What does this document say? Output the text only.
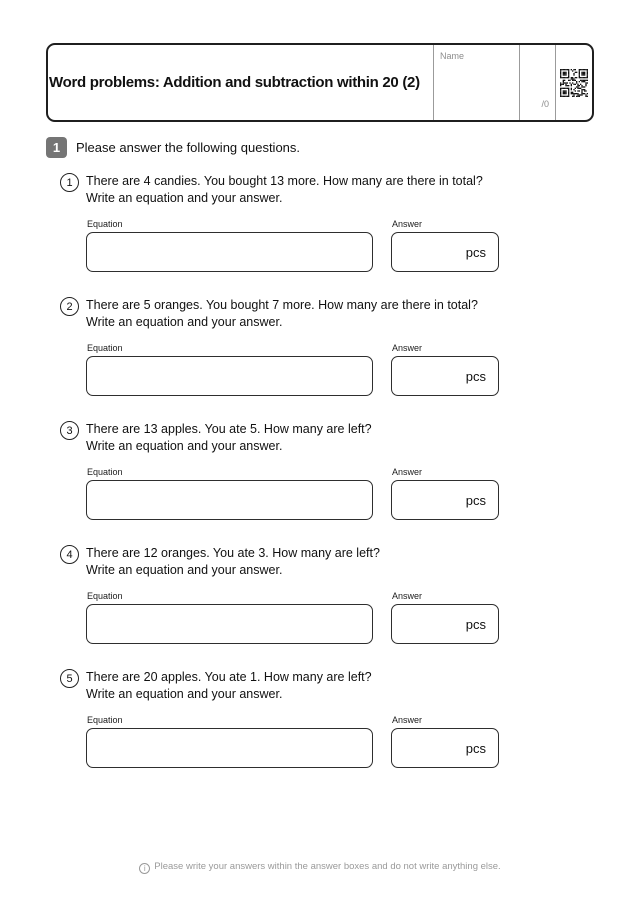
Word problems: Addition and subtraction within 20 (2)
Name
/0
1	Please answer the following questions.
1	There are 4 candies. You bought 13 more. How many are there in total?
Write an equation and your answer.
Equation	Answer
pcs
2	There are 5 oranges. You bought 7 more. How many are there in total?
Write an equation and your answer.
Equation	Answer
pcs
3	There are 13 apples. You ate 5. How many are left?
Write an equation and your answer.
Equation	Answer
pcs
4	There are 12 oranges. You ate 3. How many are left?
Write an equation and your answer.
Equation	Answer
pcs
5	There are 20 apples. You ate 1. How many are left?
Write an equation and your answer.
Equation	Answer
pcs
i Please write your answers within the answer boxes and do not write anything else.
